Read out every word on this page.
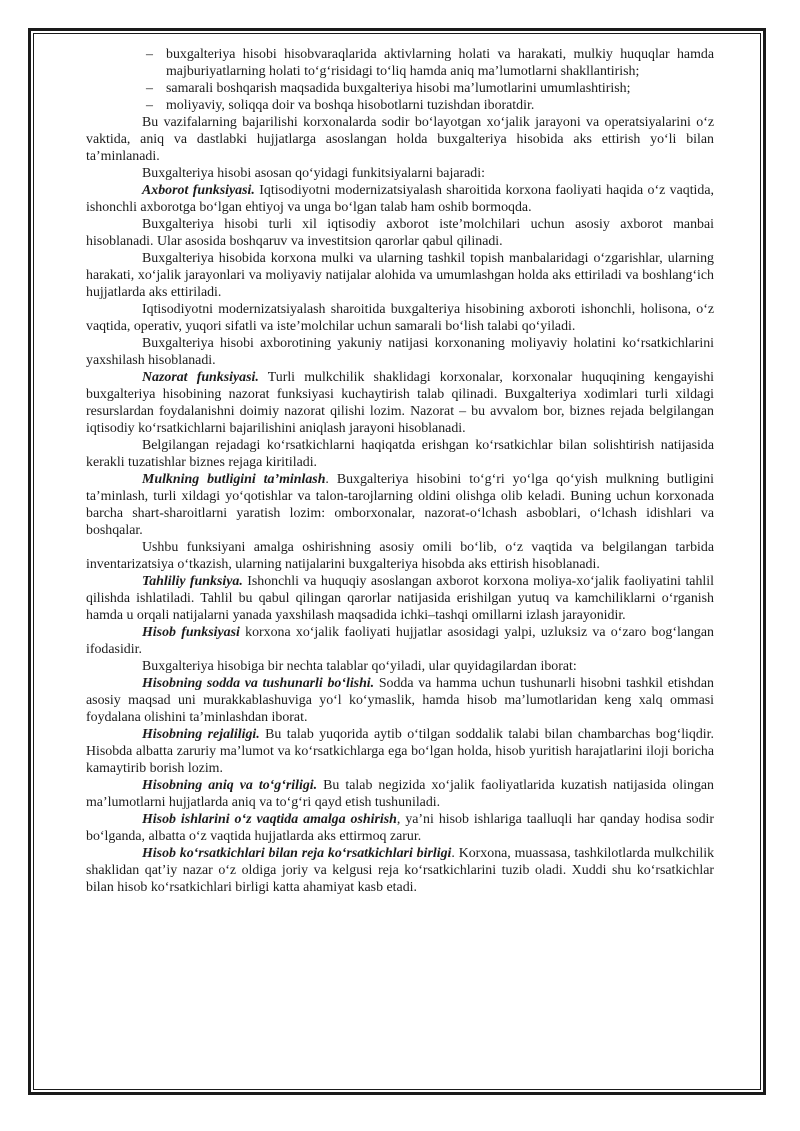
– buxgalteriya hisobi hisobvaraqlarida aktivlarning holati va harakati, mulkiy huquqlar hamda majburiyatlarning holati to‘g‘risidagi to‘liq hamda aniq ma’lumotlarni shakllantirish;
– samarali boshqarish maqsadida buxgalteriya hisobi ma’lumotlarini umumlashtirish;
– moliyaviy, soliqqa doir va boshqa hisobotlarni tuzishdan iboratdir.

Bu vazifalarning bajarilishi korxonalarda sodir bo‘layotgan xo‘jalik jarayoni va operatsiyalarini o‘z vaktida, aniq va dastlabki hujjatlarga asoslangan holda buxgalteriya hisobida aks ettirish yo‘li bilan ta’minlanadi.

Buxgalteriya hisobi asosan qo‘yidagi funkitsiyalarni bajaradi:

Axborot funksiyasi. Iqtisodiyotni modernizatsiyalash sharoitida korxona faoliyati haqida o‘z vaqtida, ishonchli axborotga bo‘lgan ehtiyoj va unga bo‘lgan talab ham oshib bormoqda.

Buxgalteriya hisobi turli xil iqtisodiy axborot iste’molchilari uchun asosiy axborot manbai hisoblanadi. Ular asosida boshqaruv va investitsion qarorlar qabul qilinadi.

Buxgalteriya hisobida korxona mulki va ularning tashkil topish manbalaridagi o‘zgarishlar, ularning harakati, xo‘jalik jarayonlari va moliyaviy natijalar alohida va umumlashgan holda aks ettiriladi va boshlang‘ich hujjatlarda aks ettiriladi.

Iqtisodiyotni modernizatsiyalash sharoitida buxgalteriya hisobining axboroti ishonchli, holisona, o‘z vaqtida, operativ, yuqori sifatli va iste’molchilar uchun samarali bo‘lish talabi qo‘yiladi.

Buxgalteriya hisobi axborotining yakuniy natijasi korxonaning moliyaviy holatini ko‘rsatkichlarini yaxshilash hisoblanadi.

Nazorat funksiyasi. Turli mulkchilik shaklidagi korxonalar, korxonalar huquqining kengayishi buxgalteriya hisobining nazorat funksiyasi kuchaytirish talab qilinadi. Buxgalteriya xodimlari turli xildagi resurslardan foydalanishni doimiy nazorat qilishi lozim. Nazorat – bu avvalom bor, biznes rejada belgilangan iqtisodiy ko‘rsatkichlarni bajarilishini aniqlash jarayoni hisoblanadi.

Belgilangan rejadagi ko‘rsatkichlarni haqiqatda erishgan ko‘rsatkichlar bilan solishtirish natijasida kerakli tuzatishlar biznes rejaga kiritiladi.

Mulkning butligini ta’minlash. Buxgalteriya hisobini to‘g‘ri yo‘lga qo‘yish mulkning butligini ta’minlash, turli xildagi yo‘qotishlar va talon-tarojlarning oldini olishga olib keladi. Buning uchun korxonada barcha shart-sharoitlarni yaratish lozim: omborxonalar, nazorat-o‘lchash asboblari, o‘lchash idishlari va boshqalar.

Ushbu funksiyani amalga oshirishning asosiy omili bo‘lib, o‘z vaqtida va belgilangan tarbida inventarizatsiya o‘tkazish, ularning natijalarini buxgalteriya hisobda aks ettirish hisoblanadi.

Tahliliy funksiya. Ishonchli va huquqiy asoslangan axborot korxona moliya-xo‘jalik faoliyatini tahlil qilishda ishlatiladi. Tahlil bu qabul qilingan qarorlar natijasida erishilgan yutuq va kamchiliklarni o‘rganish hamda u orqali natijalarni yanada yaxshilash maqsadida ichki–tashqi omillarni izlash jarayonidir.

Hisob funksiyasi korxona xo‘jalik faoliyati hujjatlar asosidagi yalpi, uzluksiz va o‘zaro bog‘langan ifodasidir.

Buxgalteriya hisobiga bir nechta talablar qo‘yiladi, ular quyidagilardan iborat:

Hisobning sodda va tushunarli bo‘lishi. Sodda va hamma uchun tushunarli hisobni tashkil etishdan asosiy maqsad uni murakkablashuviga yo‘l ko‘ymaslik, hamda hisob ma’lumotlaridan keng xalq ommasi foydalana olishini ta’minlashdan iborat.

Hisobning rejaliligi. Bu talab yuqorida aytib o‘tilgan soddalik talabi bilan chambarchas bog‘liqdir. Hisobda albatta zaruriy ma’lumot va ko‘rsatkichlarga ega bo‘lgan holda, hisob yuritish harajatlarini iloji boricha kamaytirib borish lozim.

Hisobning aniq va to‘g‘riligi. Bu talab negizida xo‘jalik faoliyatlarida kuzatish natijasida olingan ma’lumotlarni hujjatlarda aniq va to‘g‘ri qayd etish tushuniladi.

Hisob ishlarini o‘z vaqtida amalga oshirish, ya’ni hisob ishlariga taalluqli har qanday hodisa sodir bo‘lganda, albatta o‘z vaqtida hujjatlarda aks ettirmoq zarur.

Hisob ko‘rsatkichlari bilan reja ko‘rsatkichlari birligi. Korxona, muassasa, tashkilotlarda mulkchilik shaklidan qat’iy nazar o‘z oldiga joriy va kelgusi reja ko‘rsatkichlarini tuzib oladi. Xuddi shu ko‘rsatkichlar bilan hisob ko‘rsatkichlari birligi katta ahamiyat kasb etadi.
